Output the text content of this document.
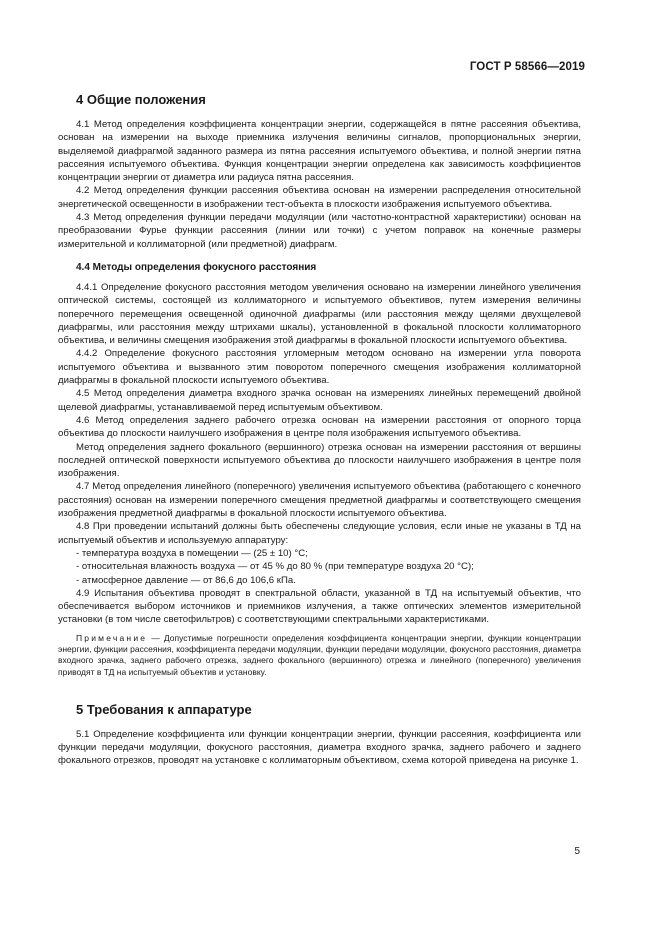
ГОСТ Р 58566—2019
4 Общие положения

4.1 Метод определения коэффициента концентрации энергии, содержащейся в пятне рассеяния объектива, основан на измерении на выходе приемника излучения величины сигналов, пропорциональных энергии, выделяемой диафрагмой заданного размера из пятна рассеяния испытуемого объектива, и полной энергии пятна рассеяния испытуемого объектива. Функция концентрации энергии определена как зависимость коэффициентов концентрации энергии от диаметра или радиуса пятна рассеяния.

4.2 Метод определения функции рассеяния объектива основан на измерении распределения относительной энергетической освещенности в изображении тест-объекта в плоскости изображения испытуемого объектива.

4.3 Метод определения функции передачи модуляции (или частотно-контрастной характеристики) основан на преобразовании Фурье функции рассеяния (линии или точки) с учетом поправок на конечные размеры измерительной и коллиматорной (или предметной) диафрагм.

4.4 Методы определения фокусного расстояния

4.4.1 Определение фокусного расстояния методом увеличения основано на измерении линейного увеличения оптической системы, состоящей из коллиматорного и испытуемого объективов, путем измерения величины поперечного перемещения освещенной одиночной диафрагмы (или расстояния между щелями двухщелевой диафрагмы, или расстояния между штрихами шкалы), установленной в фокальной плоскости коллиматорного объектива, и величины смещения изображения этой диафрагмы в фокальной плоскости испытуемого объектива.

4.4.2 Определение фокусного расстояния угломерным методом основано на измерении угла поворота испытуемого объектива и вызванного этим поворотом поперечного смещения изображения коллиматорной диафрагмы в фокальной плоскости испытуемого объектива.

4.5 Метод определения диаметра входного зрачка основан на измерениях линейных перемещений двойной щелевой диафрагмы, устанавливаемой перед испытуемым объективом.

4.6 Метод определения заднего рабочего отрезка основан на измерении расстояния от опорного торца объектива до плоскости наилучшего изображения в центре поля изображения испытуемого объектива.

Метод определения заднего фокального (вершинного) отрезка основан на измерении расстояния от вершины последней оптической поверхности испытуемого объектива до плоскости наилучшего изображения в центре поля изображения.

4.7 Метод определения линейного (поперечного) увеличения испытуемого объектива (работающего с конечного расстояния) основан на измерении поперечного смещения предметной диафрагмы и соответствующего смещения изображения предметной диафрагмы в фокальной плоскости испытуемого объектива.

4.8 При проведении испытаний должны быть обеспечены следующие условия, если иные не указаны в ТД на испытуемый объектив и используемую аппаратуру:

- температура воздуха в помещении — (25 ± 10) °С;

- относительная влажность воздуха — от 45 % до 80 % (при температуре воздуха 20 °С);

- атмосферное давление — от 86,6 до 106,6 кПа.

4.9 Испытания объектива проводят в спектральной области, указанной в ТД на испытуемый объектив, что обеспечивается выбором источников и приемников излучения, а также оптических элементов измерительной установки (в том числе светофильтров) с соответствующими спектральными характеристиками.

Примечание — Допустимые погрешности определения коэффициента концентрации энергии, функции концентрации энергии, функции рассеяния, коэффициента передачи модуляции, функции передачи модуляции, фокусного расстояния, диаметра входного зрачка, заднего рабочего отрезка, заднего фокального (вершинного) отрезка и линейного (поперечного) увеличения приводят в ТД на испытуемый объектив и установку.

5 Требования к аппаратуре

5.1 Определение коэффициента или функции концентрации энергии, функции рассеяния, коэффициента или функции передачи модуляции, фокусного расстояния, диаметра входного зрачка, заднего рабочего и заднего фокального отрезков, проводят на установке с коллиматорным объективом, схема которой приведена на рисунке 1.

5
